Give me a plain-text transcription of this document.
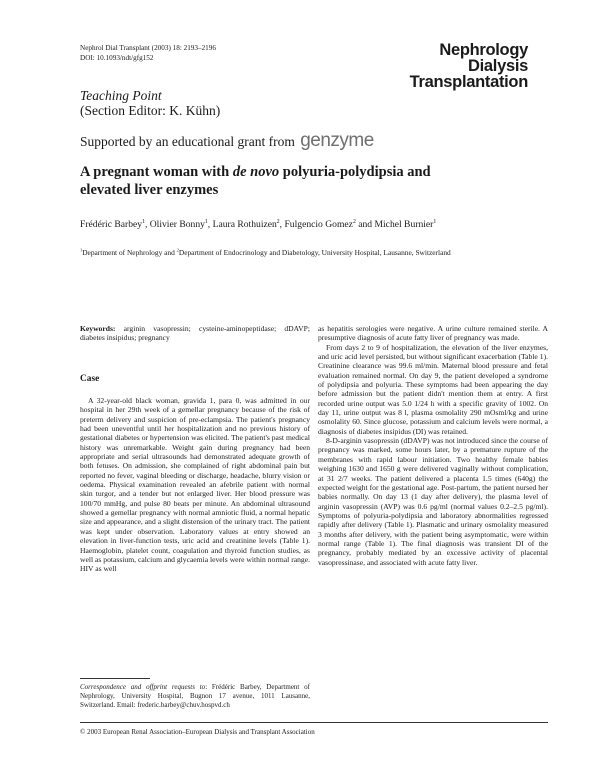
Nephrol Dial Transplant (2003) 18: 2193–2196
DOI: 10.1093/ndt/gfg152	Nephrology
Dialysis
Transplantation
Teaching Point
(Section Editor: K. Kühn)
Supported by an educational grant from genzyme
A pregnant woman with de novo polyuria-polydipsia and
elevated liver enzymes
Frédéric Barbey$^1$, Olivier Bonny$^1$, Laura Rothuizen$^2$, Fulgencio Gomez$^2$ and Michel Burnier$^1$
$^1$Department of Nephrology and $^2$Department of Endocrinology and Diabetology, University Hospital, Lausanne, Switzerland
Keywords: arginin vasopressin; cysteine-aminopeptidase; dDAVP; diabetes insipidus; pregnancy
Case

A 32-year-old black woman, gravida 1, para 0, was admitted in our hospital in her 29th week of a gemellar pregnancy because of the risk of preterm delivery and suspicion of pre-eclampsia. The patient's pregnancy had been uneventful until her hospitalization and no previous history of gestational diabetes or hypertension was elicited. The patient's past medical history was unremarkable. Weight gain during pregnancy had been appropriate and serial ultrasounds had demonstrated adequate growth of both fetuses. On admission, she complained of right abdominal pain but reported no fever, vaginal bleeding or discharge, headache, blurry vision or oedema. Physical examination revealed an afebrile patient with normal skin turgor, and a tender but not enlarged liver. Her blood pressure was 100/70 mmHg, and pulse 80 beats per minute. An abdominal ultrasound showed a gemellar pregnancy with normal amniotic fluid, a normal hepatic size and appearance, and a slight distension of the urinary tract. The patient was kept under observation. Laboratory values at entry showed an elevation in liver-function tests, uric acid and creatinine levels (Table 1). Haemoglobin, platelet count, coagulation and thyroid function studies, as well as potassium, calcium and glycaemia levels were within normal range. HIV as well

Correspondence and offprint requests to: Frédéric Barbey, Department of Nephrology, University Hospital, Bugnon 17 avenue, 1011 Lausanne, Switzerland. Email: frederic.barbey@chuv.hospvd.ch

as hepatitis serologies were negative. A urine culture remained sterile. A presumptive diagnosis of acute fatty liver of pregnancy was made.

From days 2 to 9 of hospitalization, the elevation of the liver enzymes, and uric acid level persisted, but without significant exacerbation (Table 1). Creatinine clearance was 99.6 ml/min. Maternal blood pressure and fetal evaluation remained normal. On day 9, the patient developed a syndrome of polydipsia and polyuria. These symptoms had been appearing the day before admission but the patient didn't mention them at entry. A first recorded urine output was 5.0 1/24 h with a specific gravity of 1002. On day 11, urine output was 8 l, plasma osmolality 290 mOsml/kg and urine osmolality 60. Since glucose, potassium and calcium levels were normal, a diagnosis of diabetes insipidus (DI) was retained.

8-D-arginin vasopressin (dDAVP) was not introduced since the course of pregnancy was marked, some hours later, by a premature rupture of the membranes with rapid labour initiation. Two healthy female babies weighing 1630 and 1650 g were delivered vaginally without complication, at 31 2/7 weeks. The patient delivered a placenta 1.5 times (640g) the expected weight for the gestational age. Post-partum, the patient nursed her babies normally. On day 13 (1 day after delivery), the plasma level of arginin vasopressin (AVP) was 0.6 pg/ml (normal values 0.2–2.5 pg/ml). Symptoms of polyuria-polydipsia and laboratory abnormalities regressed rapidly after delivery (Table 1). Plasmatic and urinary osmolality measured 3 months after delivery, with the patient being asymptomatic, were within normal range (Table 1). The final diagnosis was transient DI of the pregnancy, probably mediated by an excessive activity of placental vasopressinase, and associated with acute fatty liver.

© 2003 European Renal Association–European Dialysis and Transplant Association
